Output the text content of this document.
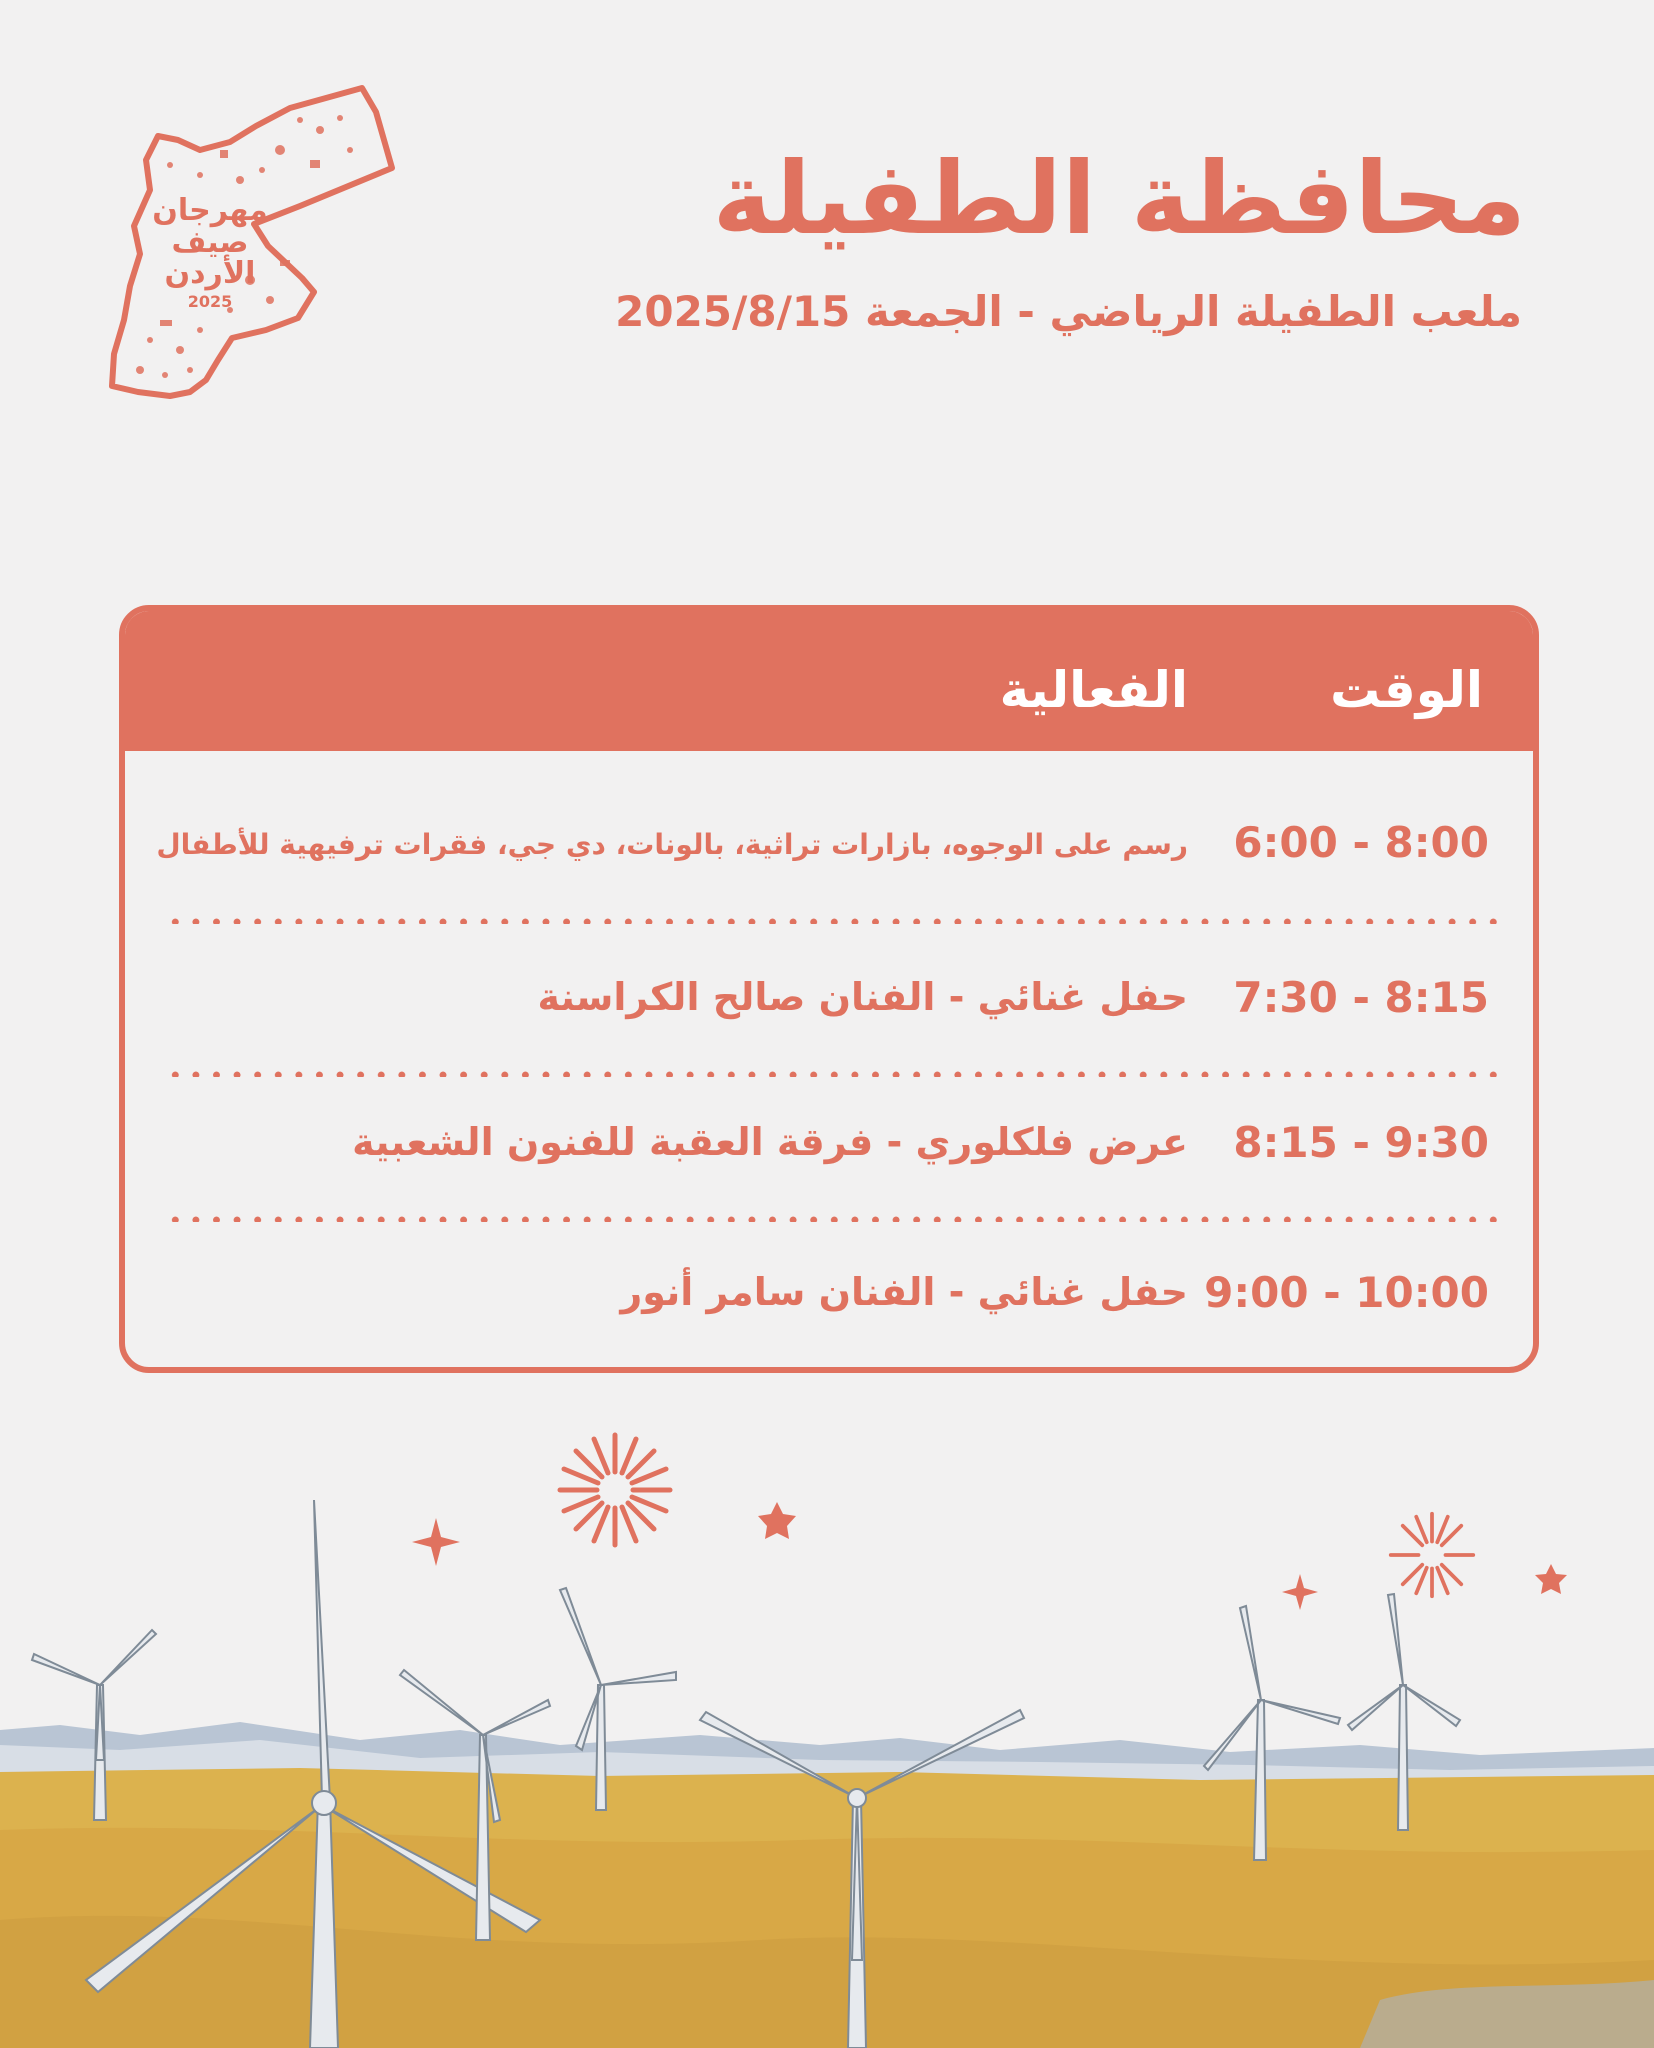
مهرجان
صيف
الأردن
2025
محافظة الطفيلة

ملعب الطفيلة الرياضي - الجمعة 2025/8/15

الوقت
الفعالية
6:00 - 8:00
رسم على الوجوه، بازارات تراثية، بالونات، دي جي، فقرات ترفيهية للأطفال
7:30 - 8:15
حفل غنائي - الفنان صالح الكراسنة
8:15 - 9:30
عرض فلكلوري - فرقة العقبة للفنون الشعبية
9:00 - 10:00
حفل غنائي - الفنان سامر أنور
